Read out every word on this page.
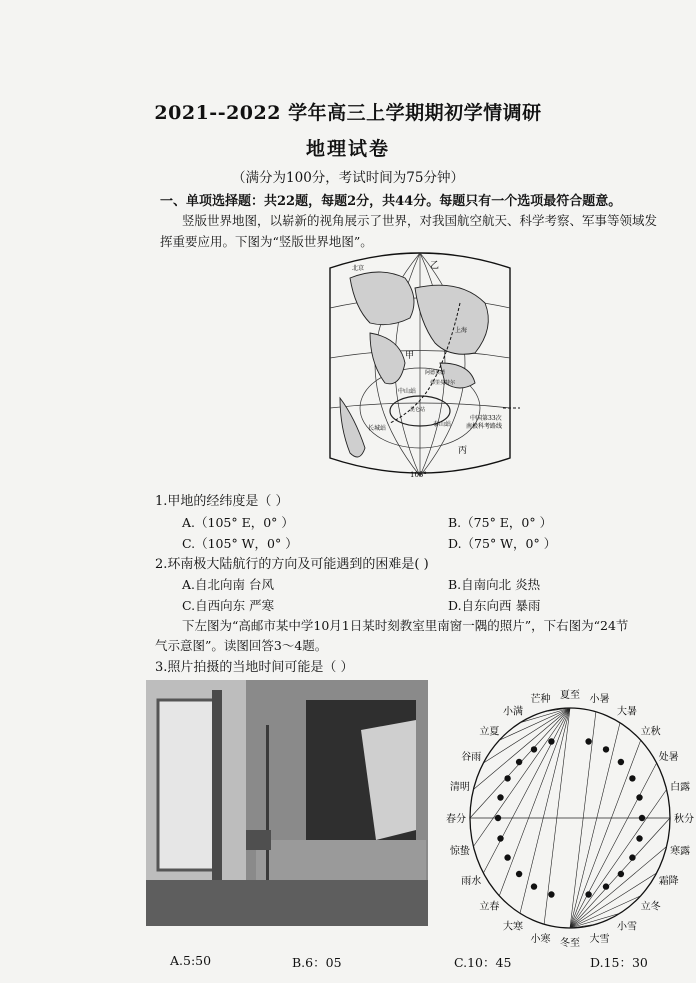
2021--2022 学年高三上学期期初学情调研
地理试卷
（满分为100分，考试时间为75分钟）
一、单项选择题：共22题，每题2分，共44分。每题只有一个选项最符合题意。
竖版世界地图，以崭新的视角展示了世界，对我国航空航天、科学考察、军事等领域发
挥重要应用。下图为“竖版世界地图”。
甲
乙
丙
105°
中国第33次
南极科考路线
长城站
中山站
昆仑站
泰山站
上海
北京
阿德莱德
弗里曼特尔
1.甲地的经纬度是（ ）
A.（105° E，0° ）	B.（75° E，0° ）
C.（105° W，0° ）	D.（75° W，0° ）
2.环南极大陆航行的方向及可能遇到的困难是( )
A.自北向南 台风	B.自南向北 炎热
C.自西向东 严寒	D.自东向西 暴雨
下左图为“高邮市某中学10月1日某时刻教室里南窗一隅的照片”，下右图为“24节
气示意图”。读图回答3～4题。
3.照片拍摄的当地时间可能是（ ）
夏至 小暑
大暑
立秋
处暑
白露
秋分
寒露
霜降
立冬
小雪
大雪
冬至
小寒
大寒
立春
雨水
惊蛰
春分
清明
谷雨
立夏
小满
芒种
A.5:50	B.6：05	C.10：45	D.15：30
